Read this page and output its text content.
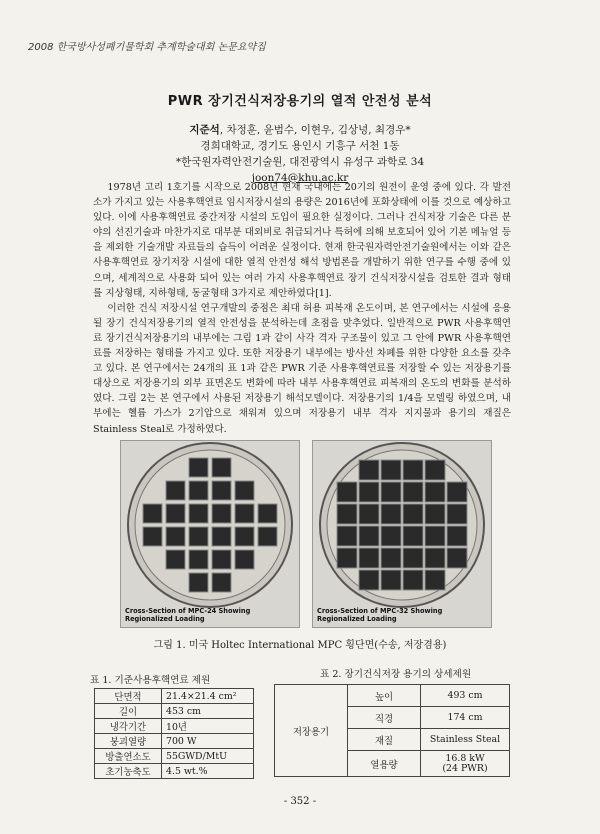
2008 한국방사성폐기물학회 추계학술대회 논문요약집
PWR 장기건식저장용기의 열적 안전성 분석
지준석, 차정훈, 윤범수, 이현우, 김상녕, 최경우*
경희대학교, 경기도 용인시 기흥구 서천 1동
*한국원자력안전기술원, 대전광역시 유성구 과학로 34
joon74@khu.ac.kr

1978년 고리 1호기를 시작으로 2008년 현재 국내에는 20기의 원전이 운영 중에 있다. 각 발전소가 가지고 있는 사용후핵연료 임시저장시설의 용량은 2016년에 포화상태에 이를 것으로 예상하고 있다. 이에 사용후핵연료 중간저장 시설의 도입이 필요한 실정이다. 그러나 건식저장 기술은 다른 분야의 선진기술과 마찬가지로 대부분 대외비로 취급되거나 특허에 의해 보호되어 있어 기본 메뉴얼 등을 제외한 기술개발 자료들의 습득이 어려운 실정이다. 현재 한국원자력안전기술원에서는 이와 같은 사용후핵연료 장기저장 시설에 대한 열적 안전성 해석 방법론을 개발하기 위한 연구를 수행 중에 있으며, 세계적으로 사용화 되어 있는 여러 가지 사용후핵연료 장기 건식저장시설을 검토한 결과 형태를 지상형태, 지하형태, 동굴형태 3가지로 제안하였다[1].

이러한 건식 저장시설 연구개발의 중점은 최대 허용 피복재 온도이며, 본 연구에서는 시설에 응용될 장기 건식저장용기의 열적 안전성을 분석하는데 초점을 맞추었다. 일반적으로 PWR 사용후핵연료 장기건식저장용기의 내부에는 그림 1과 같이 사각 격자 구조물이 있고 그 안에 PWR 사용후핵연료를 저장하는 형태를 가지고 있다. 또한 저장용기 내부에는 방사선 차폐를 위한 다양한 요소를 갖추고 있다. 본 연구에서는 24개의 표 1과 같은 PWR 기준 사용후핵연료를 저장할 수 있는 저장용기를 대상으로 저장용기의 외부 표면온도 변화에 따라 내부 사용후핵연료 피복재의 온도의 변화를 분석하였다. 그림 2는 본 연구에서 사용된 저장용기 해석모델이다. 저장용기의 1/4을 모델링 하였으며, 내부에는 헬륨 가스가 2기압으로 채워져 있으며 저장용기 내부 격자 지지물과 용기의 재질은 Stainless Steal로 가정하였다.

Cross-Section of MPC-24 Showing
Regionalized Loading
Cross-Section of MPC-32 Showing
Regionalized Loading
그림 1. 미국 Holtec International MPC 횡단면(수송, 저장겸용)
표 1. 기준사용후핵연료 제원
단면적	21.4×21.4 cm²
길이	453 cm
냉각기간	10년
붕괴열량	700 W
방출연소도	55GWD/MtU
초기농축도	4.5 wt.%
표 2. 장기건식저장 용기의 상세제원
저장용기	높이	493 cm
	직경	174 cm
	재질	Stainless Steal
	열용량	16.8 kW
(24 PWR)
- 352 -
